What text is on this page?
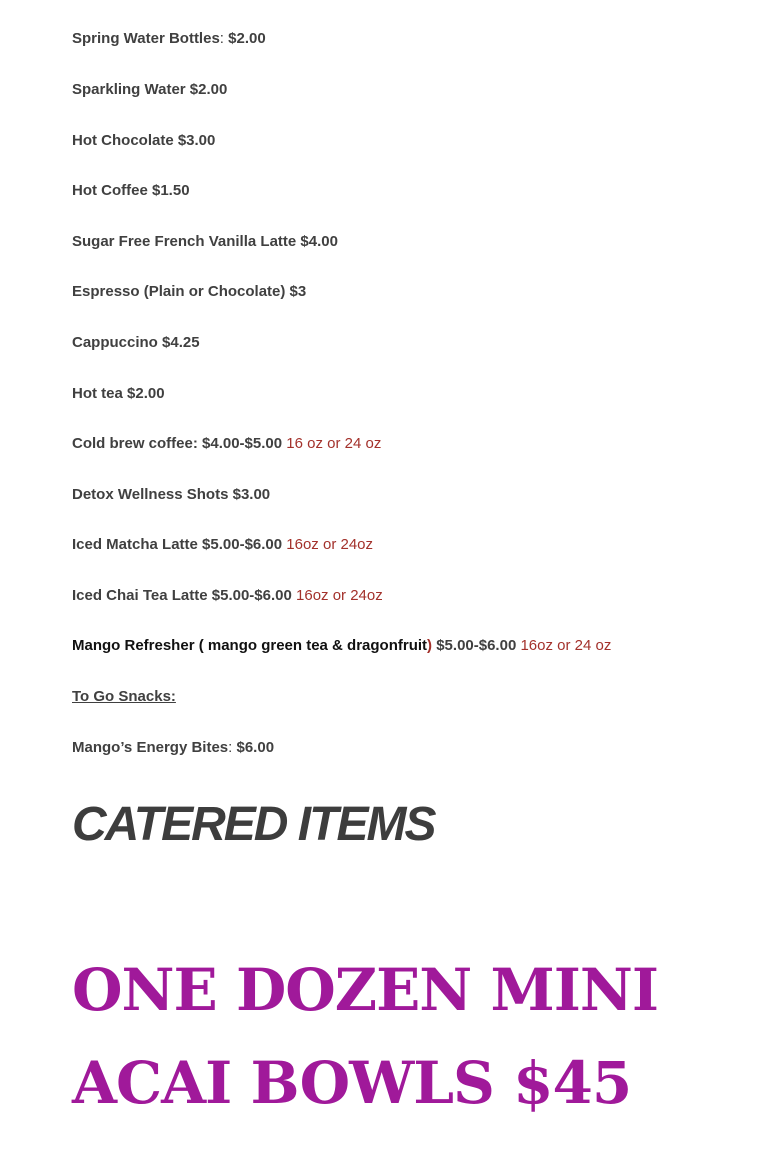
Spring Water Bottles: $2.00
Sparkling Water $2.00
Hot Chocolate $3.00
Hot Coffee $1.50
Sugar Free French Vanilla Latte $4.00
Espresso (Plain or Chocolate) $3
Cappuccino $4.25
Hot tea $2.00
Cold brew coffee: $4.00-$5.00 16 oz or 24 oz
Detox Wellness Shots $3.00
Iced Matcha Latte $5.00-$6.00 16oz or 24oz
Iced Chai Tea Latte $5.00-$6.00 16oz or 24oz
Mango Refresher ( mango green tea & dragonfruit) $5.00-$6.00 16oz or 24 oz
To Go Snacks:
Mango’s Energy Bites: $6.00
CATERED ITEMS
ONE DOZEN MINI
ACAI BOWLS $45
